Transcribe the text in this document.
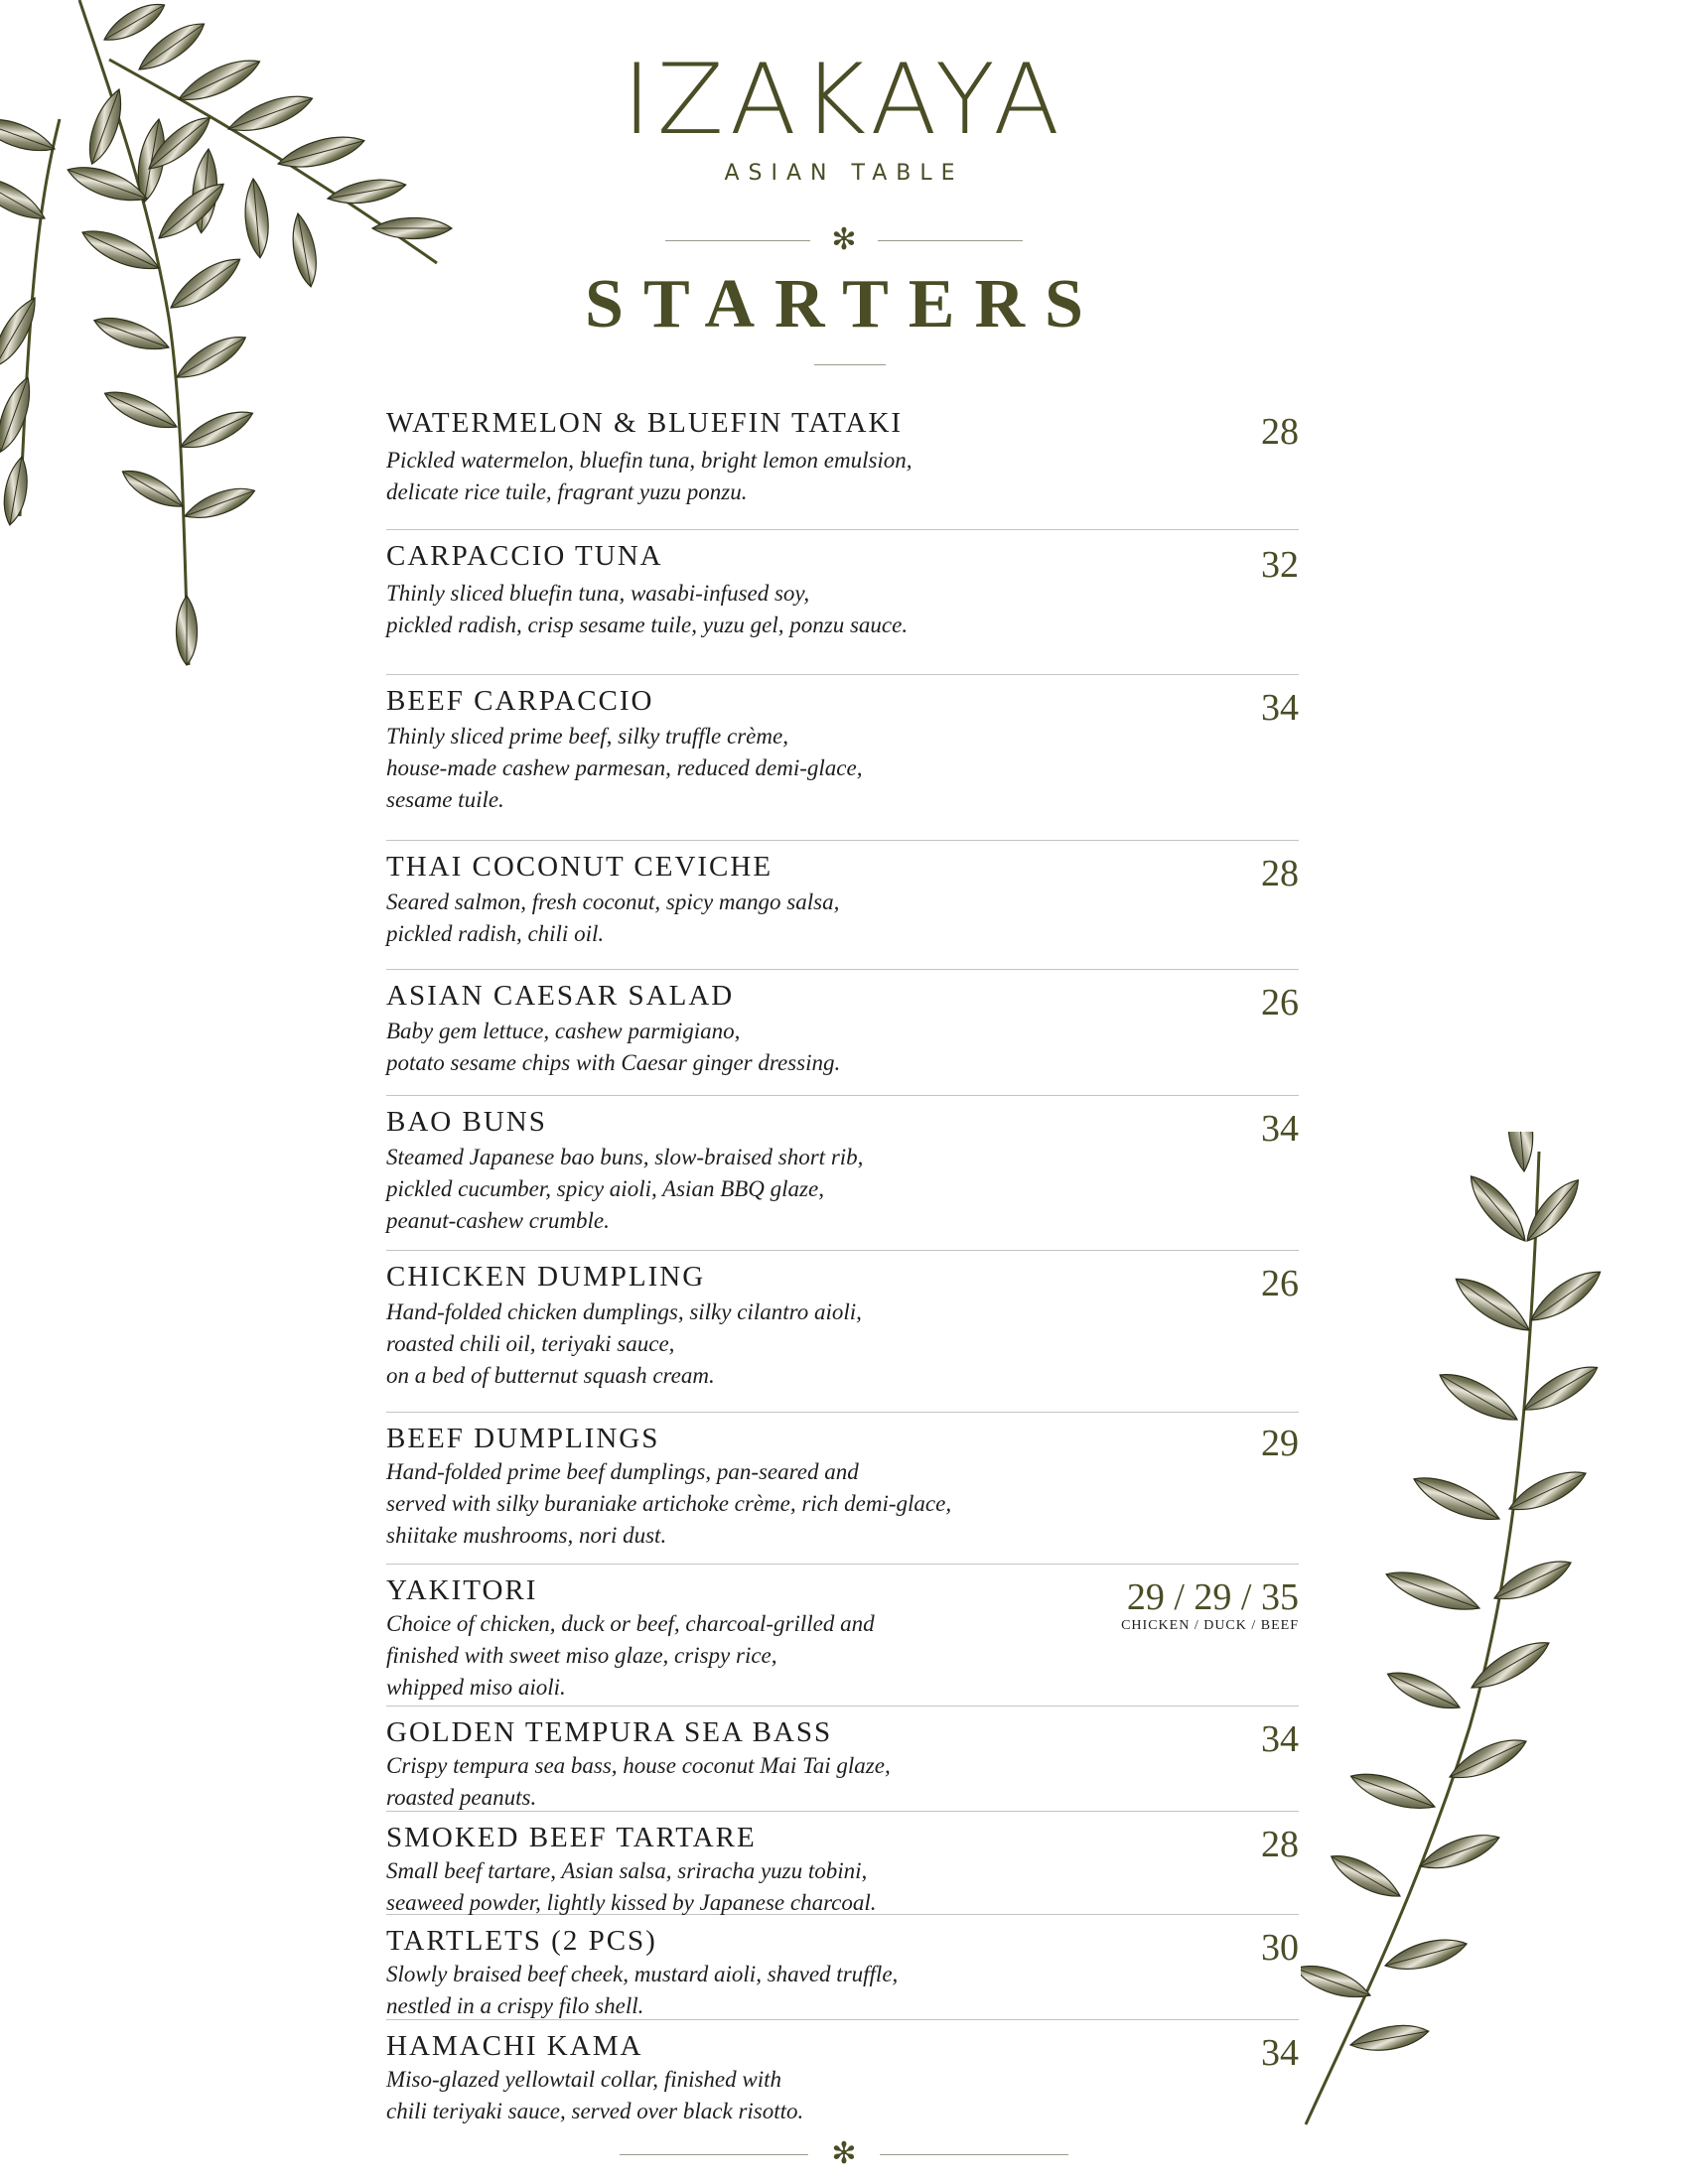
IZAKAYA
ASIAN TABLE
✻
STARTERS
WATERMELON & BLUEFIN TATAKI
Pickled watermelon, bluefin tuna, bright lemon emulsion,
delicate rice tuile, fragrant yuzu ponzu.
28
CARPACCIO TUNA
Thinly sliced bluefin tuna, wasabi-infused soy,
pickled radish, crisp sesame tuile, yuzu gel, ponzu sauce.
32
BEEF CARPACCIO
Thinly sliced prime beef, silky truffle crème,
house-made cashew parmesan, reduced demi-glace,
sesame tuile.
34
THAI COCONUT CEVICHE
Seared salmon, fresh coconut, spicy mango salsa,
pickled radish, chili oil.
28
ASIAN CAESAR SALAD
Baby gem lettuce, cashew parmigiano,
potato sesame chips with Caesar ginger dressing.
26
BAO BUNS
Steamed Japanese bao buns, slow-braised short rib,
pickled cucumber, spicy aioli, Asian BBQ glaze,
peanut-cashew crumble.
34
CHICKEN DUMPLING
Hand-folded chicken dumplings, silky cilantro aioli,
roasted chili oil, teriyaki sauce,
on a bed of butternut squash cream.
26
BEEF DUMPLINGS
Hand-folded prime beef dumplings, pan-seared and
served with silky buraniake artichoke crème, rich demi-glace,
shiitake mushrooms, nori dust.
29
YAKITORI
Choice of chicken, duck or beef, charcoal-grilled and
finished with sweet miso glaze, crispy rice,
whipped miso aioli.
29 / 29 / 35
CHICKEN / DUCK / BEEF
GOLDEN TEMPURA SEA BASS
Crispy tempura sea bass, house coconut Mai Tai glaze,
roasted peanuts.
34
SMOKED BEEF TARTARE
Small beef tartare, Asian salsa, sriracha yuzu tobini,
seaweed powder, lightly kissed by Japanese charcoal.
28
TARTLETS (2 PCS)
Slowly braised beef cheek, mustard aioli, shaved truffle,
nestled in a crispy filo shell.
30
HAMACHI KAMA
Miso-glazed yellowtail collar, finished with
chili teriyaki sauce, served over black risotto.
34
✻
